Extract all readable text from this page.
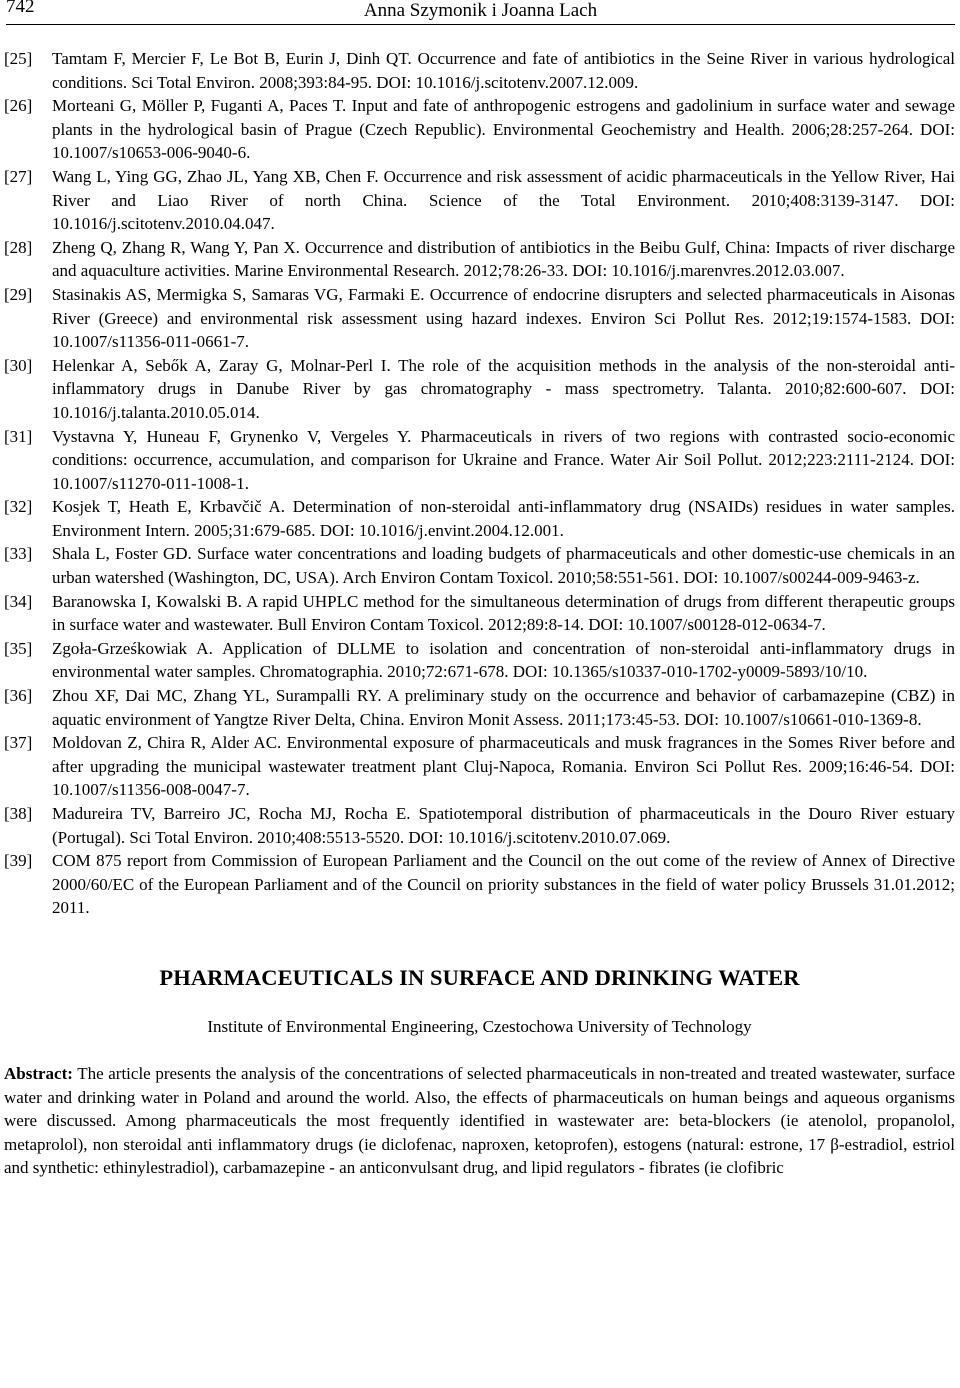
742	Anna Szymonik i Joanna Lach
[25]	Tamtam F, Mercier F, Le Bot B, Eurin J, Dinh QT. Occurrence and fate of antibiotics in the Seine River in various hydrological conditions. Sci Total Environ. 2008;393:84-95. DOI: 10.1016/j.scitotenv.2007.12.009.
[26]	Morteani G, Möller P, Fuganti A, Paces T. Input and fate of anthropogenic estrogens and gadolinium in surface water and sewage plants in the hydrological basin of Prague (Czech Republic). Environmental Geochemistry and Health. 2006;28:257-264. DOI: 10.1007/s10653-006-9040-6.
[27]	Wang L, Ying GG, Zhao JL, Yang XB, Chen F. Occurrence and risk assessment of acidic pharmaceuticals in the Yellow River, Hai River and Liao River of north China. Science of the Total Environment. 2010;408:3139-3147. DOI: 10.1016/j.scitotenv.2010.04.047.
[28]	Zheng Q, Zhang R, Wang Y, Pan X. Occurrence and distribution of antibiotics in the Beibu Gulf, China: Impacts of river discharge and aquaculture activities. Marine Environmental Research. 2012;78:26-33. DOI: 10.1016/j.marenvres.2012.03.007.
[29]	Stasinakis AS, Mermigka S, Samaras VG, Farmaki E. Occurrence of endocrine disrupters and selected pharmaceuticals in Aisonas River (Greece) and environmental risk assessment using hazard indexes. Environ Sci Pollut Res. 2012;19:1574-1583. DOI: 10.1007/s11356-011-0661-7.
[30]	Helenkar A, Sebők A, Zaray G, Molnar-Perl I. The role of the acquisition methods in the analysis of the non-steroidal anti-inflammatory drugs in Danube River by gas chromatography - mass spectrometry. Talanta. 2010;82:600-607. DOI: 10.1016/j.talanta.2010.05.014.
[31]	Vystavna Y, Huneau F, Grynenko V, Vergeles Y. Pharmaceuticals in rivers of two regions with contrasted socio-economic conditions: occurrence, accumulation, and comparison for Ukraine and France. Water Air Soil Pollut. 2012;223:2111-2124. DOI: 10.1007/s11270-011-1008-1.
[32]	Kosjek T, Heath E, Krbavčič A. Determination of non-steroidal anti-inflammatory drug (NSAIDs) residues in water samples. Environment Intern. 2005;31:679-685. DOI: 10.1016/j.envint.2004.12.001.
[33]	Shala L, Foster GD. Surface water concentrations and loading budgets of pharmaceuticals and other domestic-use chemicals in an urban watershed (Washington, DC, USA). Arch Environ Contam Toxicol. 2010;58:551-561. DOI: 10.1007/s00244-009-9463-z.
[34]	Baranowska I, Kowalski B. A rapid UHPLC method for the simultaneous determination of drugs from different therapeutic groups in surface water and wastewater. Bull Environ Contam Toxicol. 2012;89:8-14. DOI: 10.1007/s00128-012-0634-7.
[35]	Zgoła-Grześkowiak A. Application of DLLME to isolation and concentration of non-steroidal anti-inflammatory drugs in environmental water samples. Chromatographia. 2010;72:671-678. DOI: 10.1365/s10337-010-1702-y0009-5893/10/10.
[36]	Zhou XF, Dai MC, Zhang YL, Surampalli RY. A preliminary study on the occurrence and behavior of carbamazepine (CBZ) in aquatic environment of Yangtze River Delta, China. Environ Monit Assess. 2011;173:45-53. DOI: 10.1007/s10661-010-1369-8.
[37]	Moldovan Z, Chira R, Alder AC. Environmental exposure of pharmaceuticals and musk fragrances in the Somes River before and after upgrading the municipal wastewater treatment plant Cluj-Napoca, Romania. Environ Sci Pollut Res. 2009;16:46-54. DOI: 10.1007/s11356-008-0047-7.
[38]	Madureira TV, Barreiro JC, Rocha MJ, Rocha E. Spatiotemporal distribution of pharmaceuticals in the Douro River estuary (Portugal). Sci Total Environ. 2010;408:5513-5520. DOI: 10.1016/j.scitotenv.2010.07.069.
[39]	COM 875 report from Commission of European Parliament and the Council on the out come of the review of Annex of Directive 2000/60/EC of the European Parliament and of the Council on priority substances in the field of water policy Brussels 31.01.2012; 2011.
PHARMACEUTICALS IN SURFACE AND DRINKING WATER
Institute of Environmental Engineering, Czestochowa University of Technology
Abstract: The article presents the analysis of the concentrations of selected pharmaceuticals in non-treated and treated wastewater, surface water and drinking water in Poland and around the world. Also, the effects of pharmaceuticals on human beings and aqueous organisms were discussed. Among pharmaceuticals the most frequently identified in wastewater are: beta-blockers (ie atenolol, propanolol, metaprolol), non steroidal anti inflammatory drugs (ie diclofenac, naproxen, ketoprofen), estogens (natural: estrone, 17 β-estradiol, estriol and synthetic: ethinylestradiol), carbamazepine - an anticonvulsant drug, and lipid regulators - fibrates (ie clofibric
